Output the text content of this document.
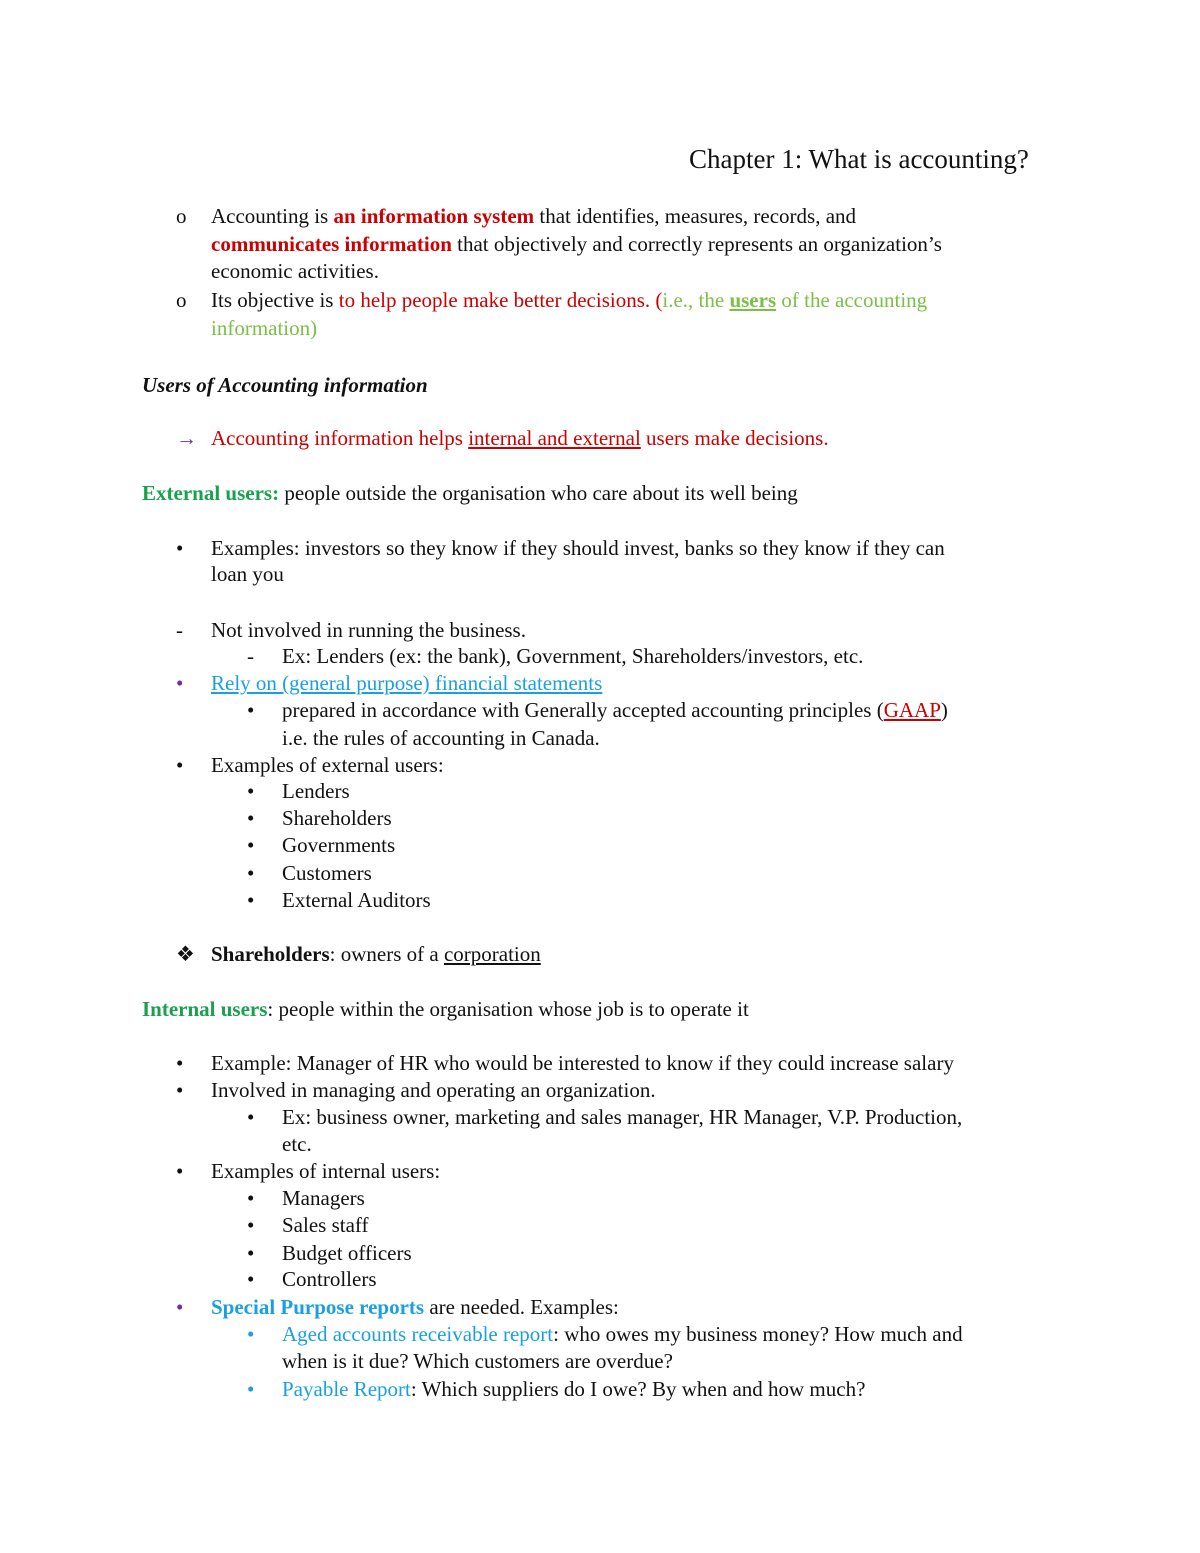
Chapter 1: What is accounting?
o Accounting is an information system that identifies, measures, records, and
communicates information that objectively and correctly represents an organization’s
economic activities.
o Its objective is to help people make better decisions. (i.e., the users of the accounting
information)
Users of Accounting information
→ Accounting information helps internal and external users make decisions.
External users: people outside the organisation who care about its well being
• Examples: investors so they know if they should invest, banks so they know if they can
loan you
- Not involved in running the business.
- Ex: Lenders (ex: the bank), Government, Shareholders/investors, etc.
• Rely on (general purpose) financial statements
• prepared in accordance with Generally accepted accounting principles (GAAP)
i.e. the rules of accounting in Canada.
• Examples of external users:
• Lenders
• Shareholders
• Governments
• Customers
• External Auditors
❖ Shareholders: owners of a corporation
Internal users: people within the organisation whose job is to operate it
• Example: Manager of HR who would be interested to know if they could increase salary
• Involved in managing and operating an organization.
• Ex: business owner, marketing and sales manager, HR Manager, V.P. Production,
etc.
• Examples of internal users:
• Managers
• Sales staff
• Budget officers
• Controllers
• Special Purpose reports are needed. Examples:
• Aged accounts receivable report: who owes my business money? How much and
when is it due? Which customers are overdue?
• Payable Report: Which suppliers do I owe? By when and how much?
